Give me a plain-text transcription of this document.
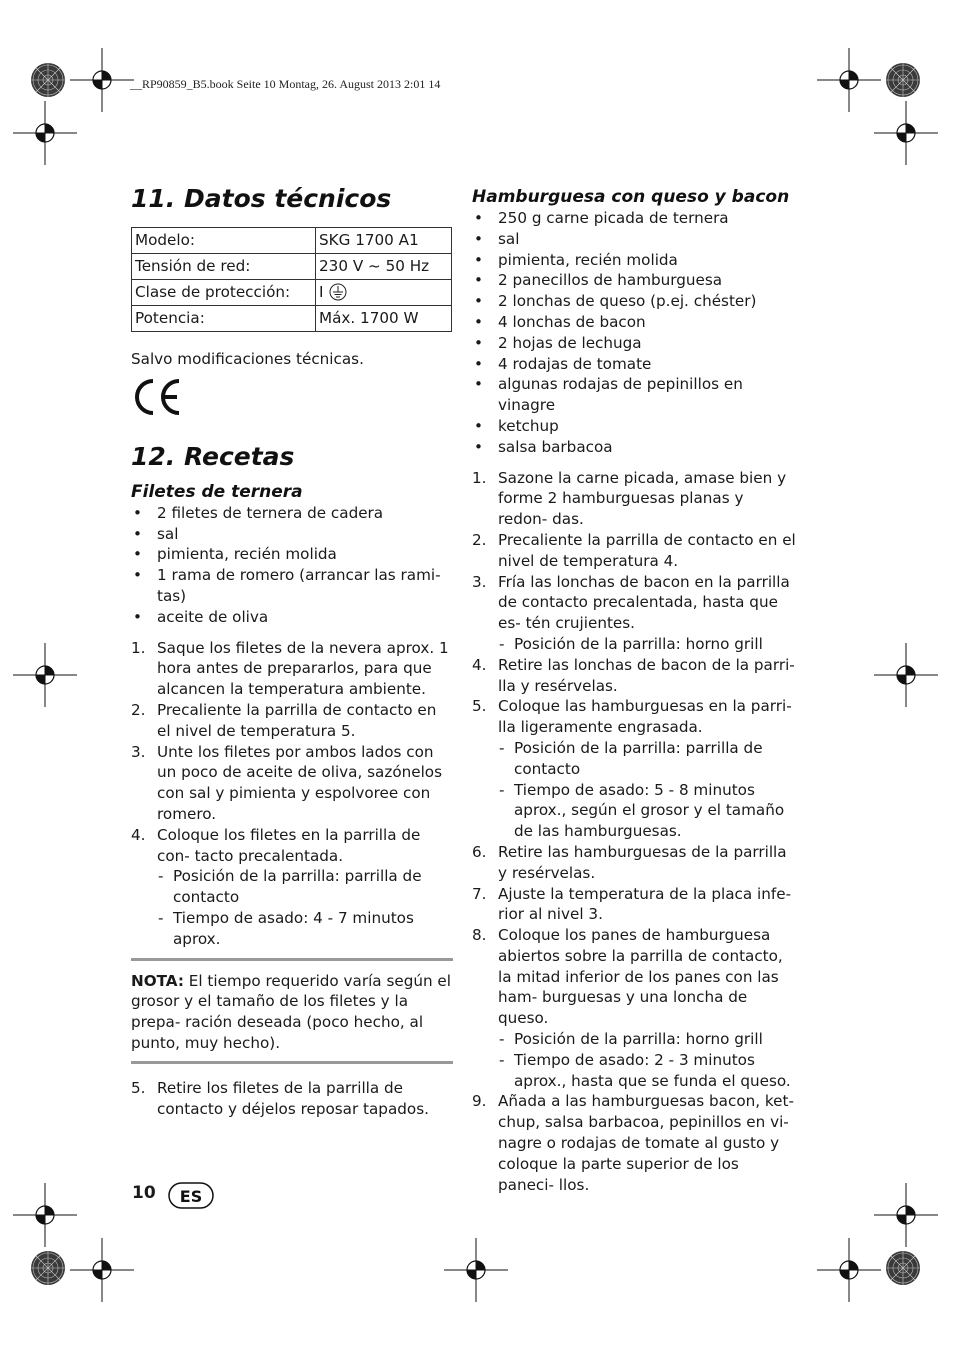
__RP90859_B5.book Seite 10 Montag, 26. August 2013 2:01 14
11. Datos técnicos
Modelo:	SKG 1700 A1
Tensión de red:	230 V ~ 50 Hz
Clase de protección:	I
Potencia:	Máx. 1700 W
Salvo modificaciones técnicas.
12. Recetas
Filetes de ternera
• 2 filetes de ternera de cadera
• sal
• pimienta, recién molida
• 1 rama de romero (arrancar las rami- tas)
• aceite de oliva
1. Saque los filetes de la nevera aprox. 1 hora antes de prepararlos, para que alcancen la temperatura ambiente.
2. Precaliente la parrilla de contacto en el nivel de temperatura 5.
3. Unte los filetes por ambos lados con un poco de aceite de oliva, sazónelos con sal y pimienta y espolvoree con romero.
4. Coloque los filetes en la parrilla de con- tacto precalentada.
- Posición de la parrilla: parrilla de contacto
- Tiempo de asado: 4 - 7 minutos aprox.
NOTA: El tiempo requerido varía según el grosor y el tamaño de los filetes y la prepa- ración deseada (poco hecho, al punto, muy hecho).
5. Retire los filetes de la parrilla de contacto y déjelos reposar tapados.
Hamburguesa con queso y bacon
• 250 g carne picada de ternera
• sal
• pimienta, recién molida
• 2 panecillos de hamburguesa
• 2 lonchas de queso (p.ej. chéster)
• 4 lonchas de bacon
• 2 hojas de lechuga
• 4 rodajas de tomate
• algunas rodajas de pepinillos en vinagre
• ketchup
• salsa barbacoa
1. Sazone la carne picada, amase bien y forme 2 hamburguesas planas y redon- das.
2. Precaliente la parrilla de contacto en el nivel de temperatura 4.
3. Fría las lonchas de bacon en la parrilla de contacto precalentada, hasta que es- tén crujientes.
- Posición de la parrilla: horno grill
4. Retire las lonchas de bacon de la parri- lla y resérvelas.
5. Coloque las hamburguesas en la parri- lla ligeramente engrasada.
- Posición de la parrilla: parrilla de contacto
- Tiempo de asado: 5 - 8 minutos aprox., según el grosor y el tamaño de las hamburguesas.
6. Retire las hamburguesas de la parrilla y resérvelas.
7. Ajuste la temperatura de la placa infe- rior al nivel 3.
8. Coloque los panes de hamburguesa abiertos sobre la parrilla de contacto, la mitad inferior de los panes con las ham- burguesas y una loncha de queso.
- Posición de la parrilla: horno grill
- Tiempo de asado: 2 - 3 minutos aprox., hasta que se funda el queso.
9. Añada a las hamburguesas bacon, ket- chup, salsa barbacoa, pepinillos en vi- nagre o rodajas de tomate al gusto y coloque la parte superior de los paneci- llos.
10 ES
